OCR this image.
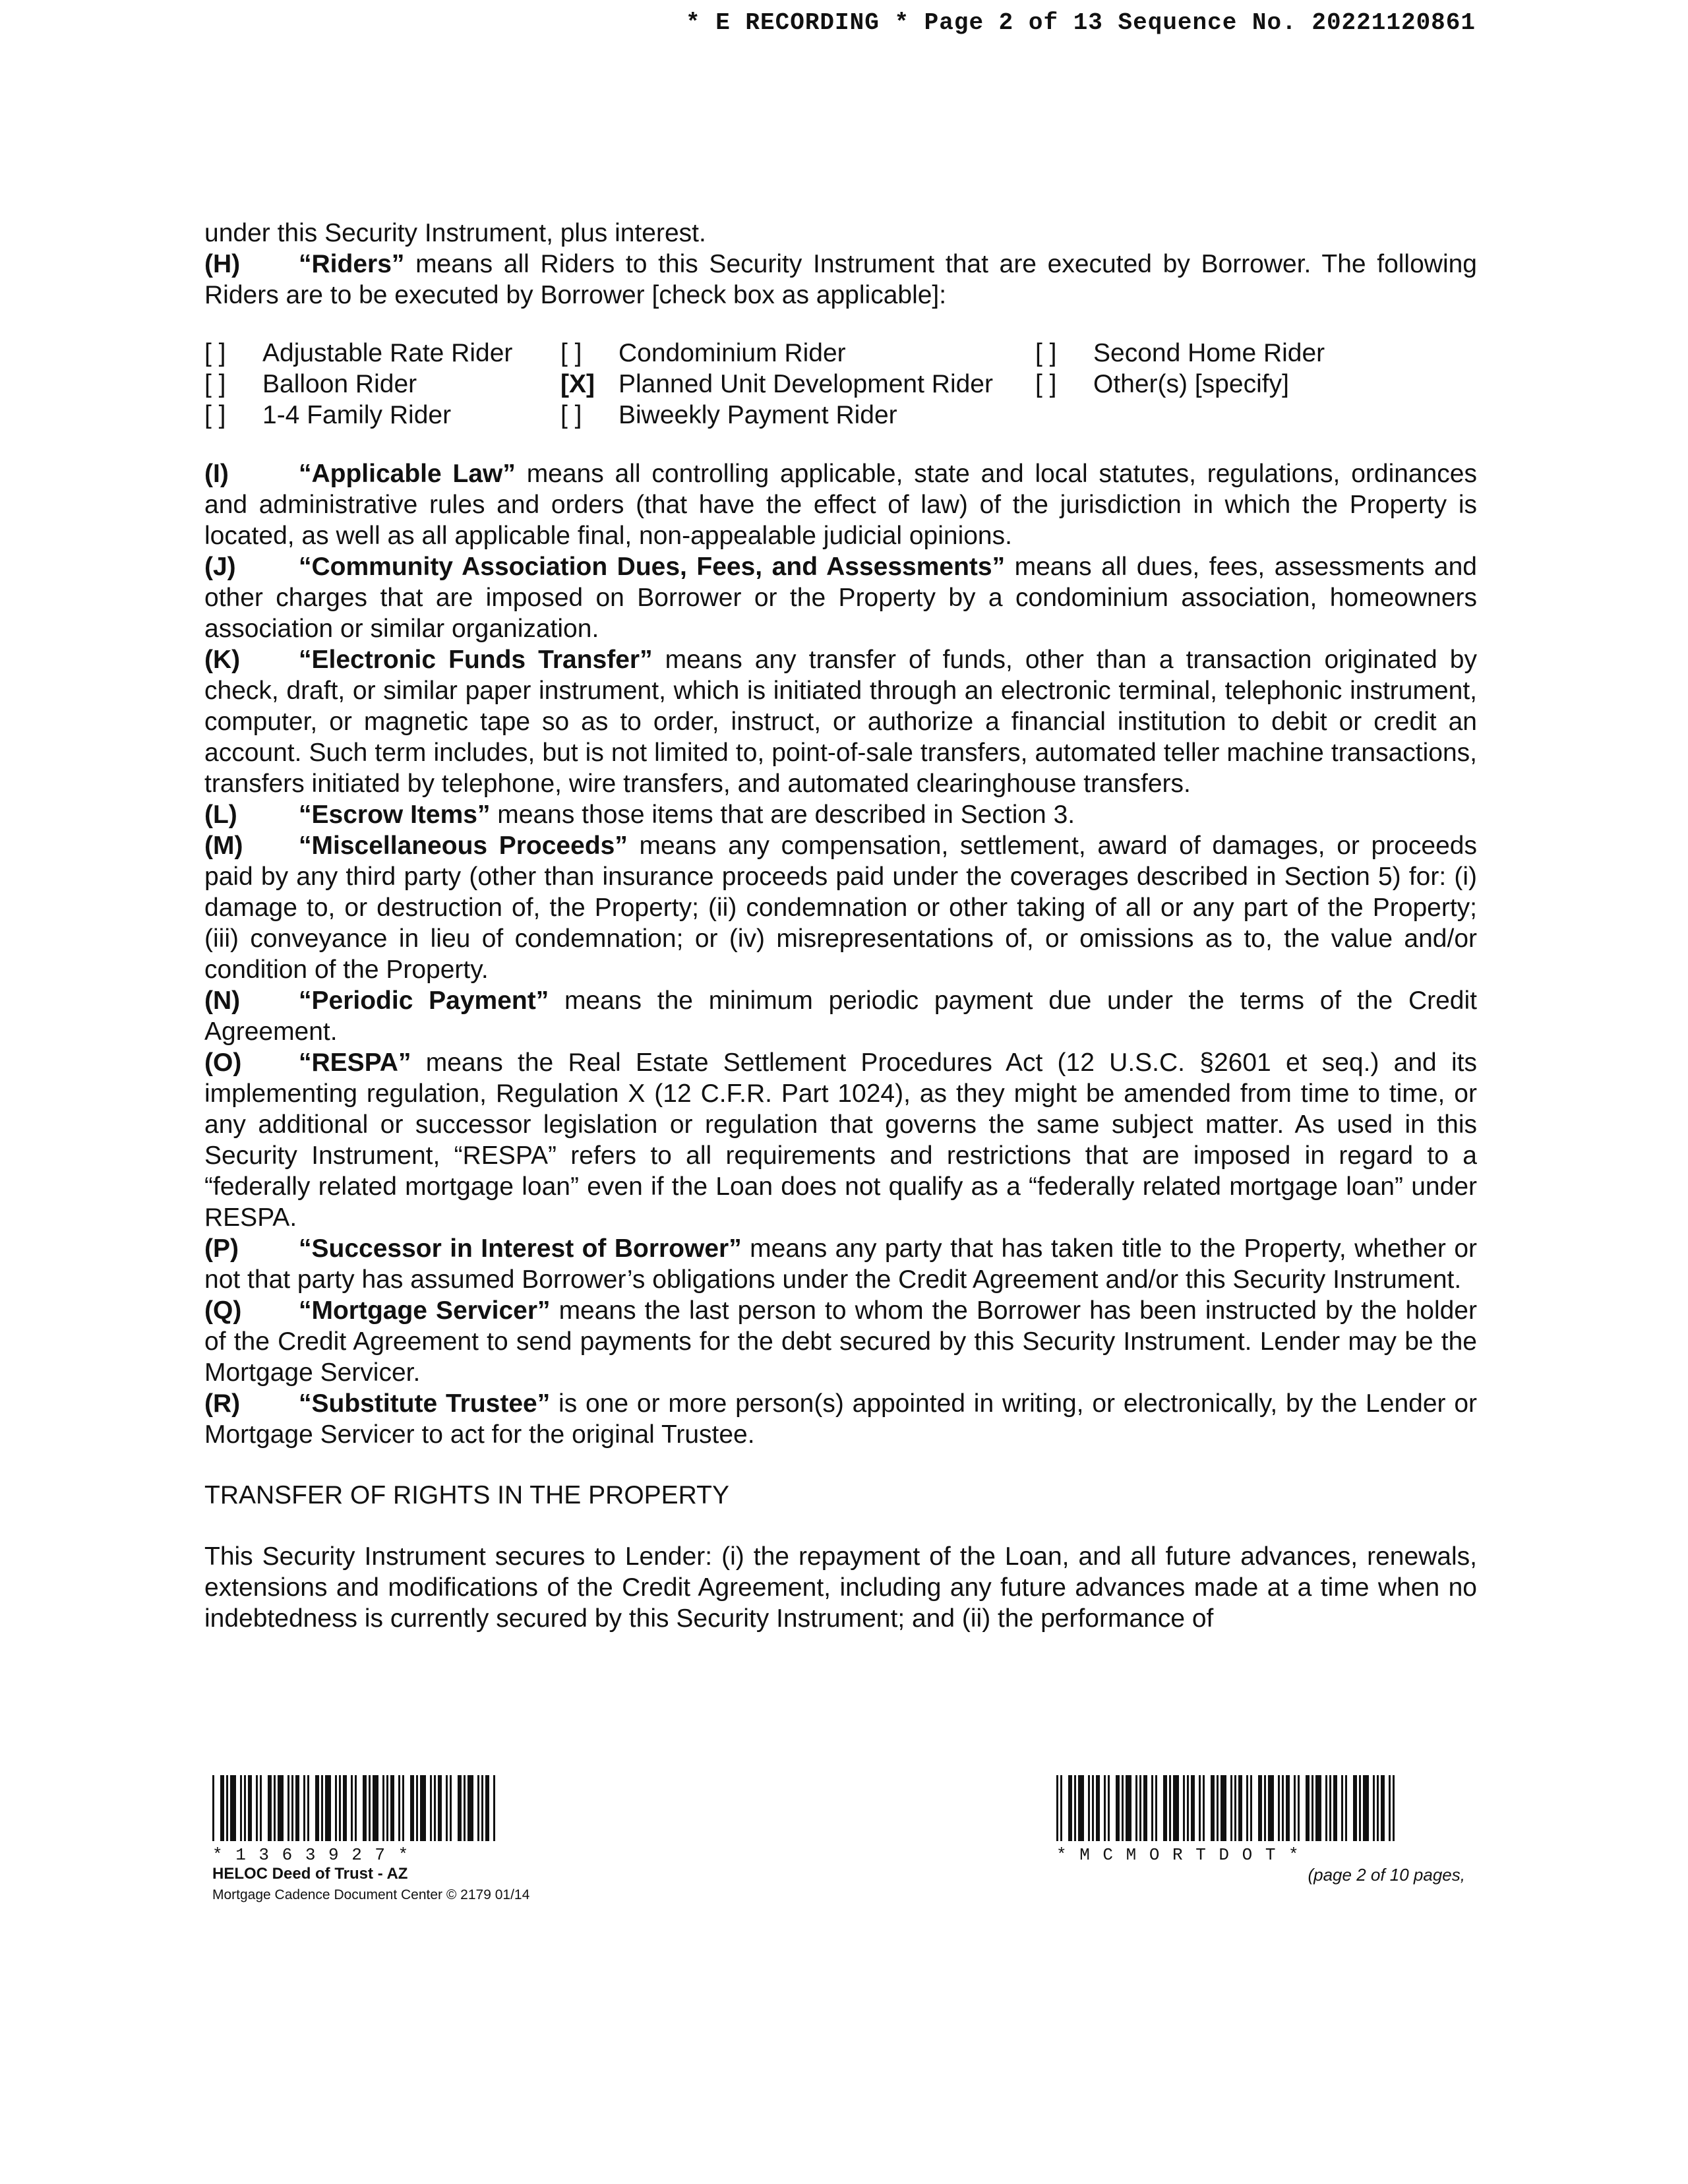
* E RECORDING * Page 2 of 13 Sequence No. 20221120861

under this Security Instrument, plus interest.

(H) “Riders” means all Riders to this Security Instrument that are executed by Borrower. The following Riders are to be executed by Borrower [check box as applicable]:

[ ]	Adjustable Rate Rider [ ]	Condominium Rider	[ ]	Second Home Rider
[ ]	Balloon Rider	[X] Planned Unit Development Rider [ ]	Other(s) [specify]
[ ]	1-4 Family Rider	[ ]	Biweekly Payment Rider

(I)	“Applicable Law” means all controlling applicable, state and local statutes, regulations, ordinances and administrative rules and orders (that have the effect of law) of the jurisdiction in which the Property is located, as well as all applicable final, non-appealable judicial opinions.

(J) “Community Association Dues, Fees, and Assessments” means all dues, fees, assessments and other charges that are imposed on Borrower or the Property by a condominium association, homeowners association or similar organization.

(K) “Electronic Funds Transfer” means any transfer of funds, other than a transaction originated by check, draft, or similar paper instrument, which is initiated through an electronic terminal, telephonic instrument, computer, or magnetic tape so as to order, instruct, or authorize a financial institution to debit or credit an account. Such term includes, but is not limited to, point-of-sale transfers, automated teller machine transactions, transfers initiated by telephone, wire transfers, and automated clearinghouse transfers.

(L) “Escrow Items” means those items that are described in Section 3.

(M) “Miscellaneous Proceeds” means any compensation, settlement, award of damages, or proceeds paid by any third party (other than insurance proceeds paid under the coverages described in Section 5) for: (i) damage to, or destruction of, the Property; (ii) condemnation or other taking of all or any part of the Property; (iii) conveyance in lieu of condemnation; or (iv) misrepresentations of, or omissions as to, the value and/or condition of the Property.

(N) “Periodic Payment” means the minimum periodic payment due under the terms of the Credit Agreement.

(O) “RESPA” means the Real Estate Settlement Procedures Act (12 U.S.C. §2601 et seq.) and its implementing regulation, Regulation X (12 C.F.R. Part 1024), as they might be amended from time to time, or any additional or successor legislation or regulation that governs the same subject matter. As used in this Security Instrument, “RESPA” refers to all requirements and restrictions that are imposed in regard to a “federally related mortgage loan” even if the Loan does not qualify as a “federally related mortgage loan” under RESPA.

(P) “Successor in Interest of Borrower” means any party that has taken title to the Property, whether or not that party has assumed Borrower’s obligations under the Credit Agreement and/or this Security Instrument.

(Q) “Mortgage Servicer” means the last person to whom the Borrower has been instructed by the holder of the Credit Agreement to send payments for the debt secured by this Security Instrument. Lender may be the Mortgage Servicer.

(R) “Substitute Trustee” is one or more person(s) appointed in writing, or electronically, by the Lender or Mortgage Servicer to act for the original Trustee.

TRANSFER OF RIGHTS IN THE PROPERTY

This Security Instrument secures to Lender: (i) the repayment of the Loan, and all future advances, renewals, extensions and modifications of the Credit Agreement, including any future advances made at a time when no indebtedness is currently secured by this Security Instrument; and (ii) the performance of

* 1 3 6 3 9 2 7 *
HELOC Deed of Trust - AZ
Mortgage Cadence Document Center © 2179 01/14
* M C M O R T D O T *
(page 2 of 10 pages,
